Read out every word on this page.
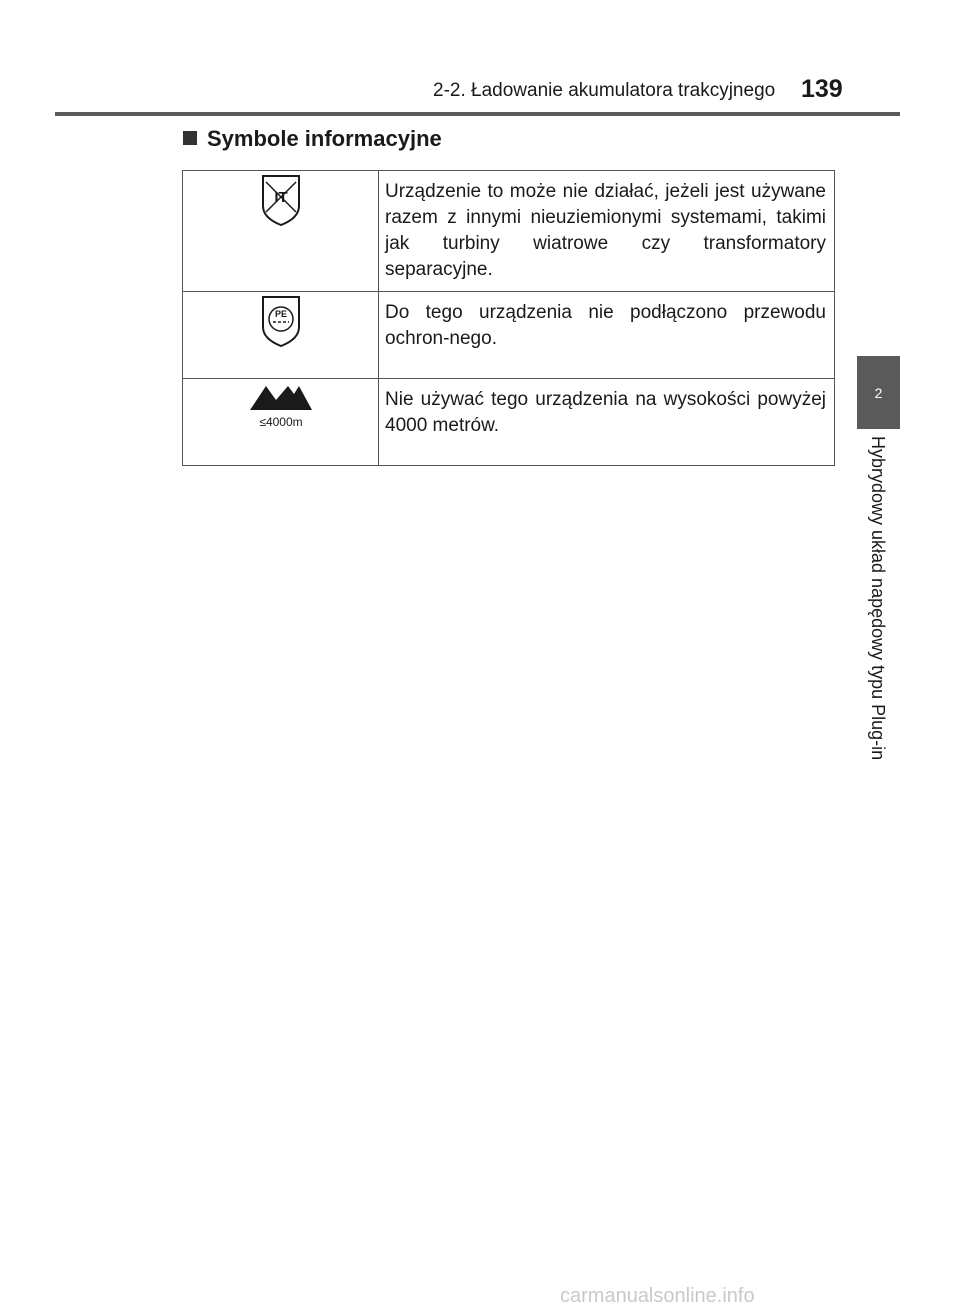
2-2. Ładowanie akumulatora trakcyjnego 139
Symbole informacyjne
IT	Urządzenie to może nie działać, jeżeli jest używane razem z innymi nieuziemionymi systemami, takimi jak turbiny wiatrowe czy transformatory separacyjne.

PE	Do tego urządzenia nie podłączono przewodu ochron-nego.

≤4000m	Nie używać tego urządzenia na wysokości powyżej 4000 metrów.
2
Hybrydowy układ napędowy typu Plug-in
carmanualsonline.info
